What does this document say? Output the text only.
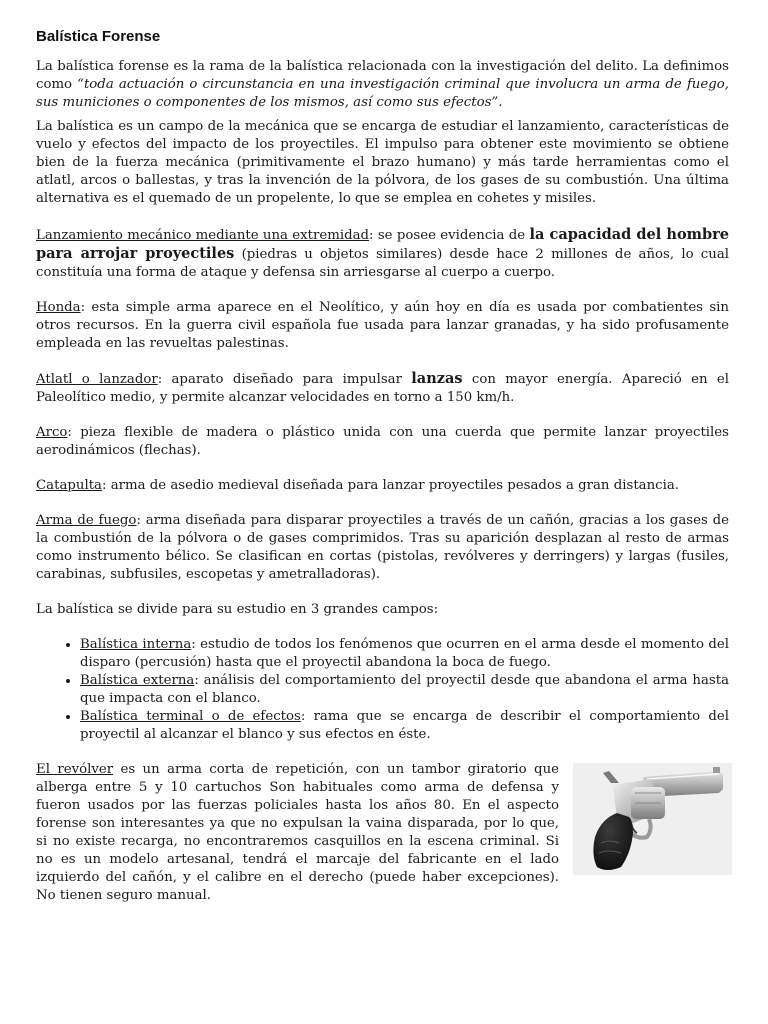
Balística Forense

La balística forense es la rama de la balística relacionada con la investigación del delito. La definimos como “toda actuación o circunstancia en una investigación criminal que involucra un arma de fuego, sus municiones o componentes de los mismos, así como sus efectos”.

La balística es un campo de la mecánica que se encarga de estudiar el lanzamiento, características de vuelo y efectos del impacto de los proyectiles. El impulso para obtener este movimiento se obtiene bien de la fuerza mecánica (primitivamente el brazo humano) y más tarde herramientas como el atlatl, arcos o ballestas, y tras la invención de la pólvora, de los gases de su combustión. Una última alternativa es el quemado de un propelente, lo que se emplea en cohetes y misiles.

Lanzamiento mecánico mediante una extremidad: se posee evidencia de la capacidad del hombre para arrojar proyectiles (piedras u objetos similares) desde hace 2 millones de años, lo cual constituía una forma de ataque y defensa sin arriesgarse al cuerpo a cuerpo.

Honda: esta simple arma aparece en el Neolítico, y aún hoy en día es usada por combatientes sin otros recursos. En la guerra civil española fue usada para lanzar granadas, y ha sido profusamente empleada en las revueltas palestinas.

Atlatl o lanzador: aparato diseñado para impulsar lanzas con mayor energía. Apareció en el Paleolítico medio, y permite alcanzar velocidades en torno a 150 km/h.

Arco: pieza flexible de madera o plástico unida con una cuerda que permite lanzar proyectiles aerodinámicos (flechas).

Catapulta: arma de asedio medieval diseñada para lanzar proyectiles pesados a gran distancia.

Arma de fuego: arma diseñada para disparar proyectiles a través de un cañón, gracias a los gases de la combustión de la pólvora o de gases comprimidos. Tras su aparición desplazan al resto de armas como instrumento bélico. Se clasifican en cortas (pistolas, revólveres y derringers) y largas (fusiles, carabinas, subfusiles, escopetas y ametralladoras).

La balística se divide para su estudio en 3 grandes campos:

• Balística interna: estudio de todos los fenómenos que ocurren en el arma desde el momento del disparo (percusión) hasta que el proyectil abandona la boca de fuego.
• Balística externa: análisis del comportamiento del proyectil desde que abandona el arma hasta que impacta con el blanco.
• Balística terminal o de efectos: rama que se encarga de describir el comportamiento del proyectil al alcanzar el blanco y sus efectos en éste.

El revólver es un arma corta de repetición, con un tambor giratorio que alberga entre 5 y 10 cartuchos Son habituales como arma de defensa y fueron usados por las fuerzas policiales hasta los años 80. En el aspecto forense son interesantes ya que no expulsan la vaina disparada, por lo que, si no existe recarga, no encontraremos casquillos en la escena criminal. Si no es un modelo artesanal, tendrá el marcaje del fabricante en el lado izquierdo del cañón, y el calibre en el derecho (puede haber excepciones). No tienen seguro manual.
